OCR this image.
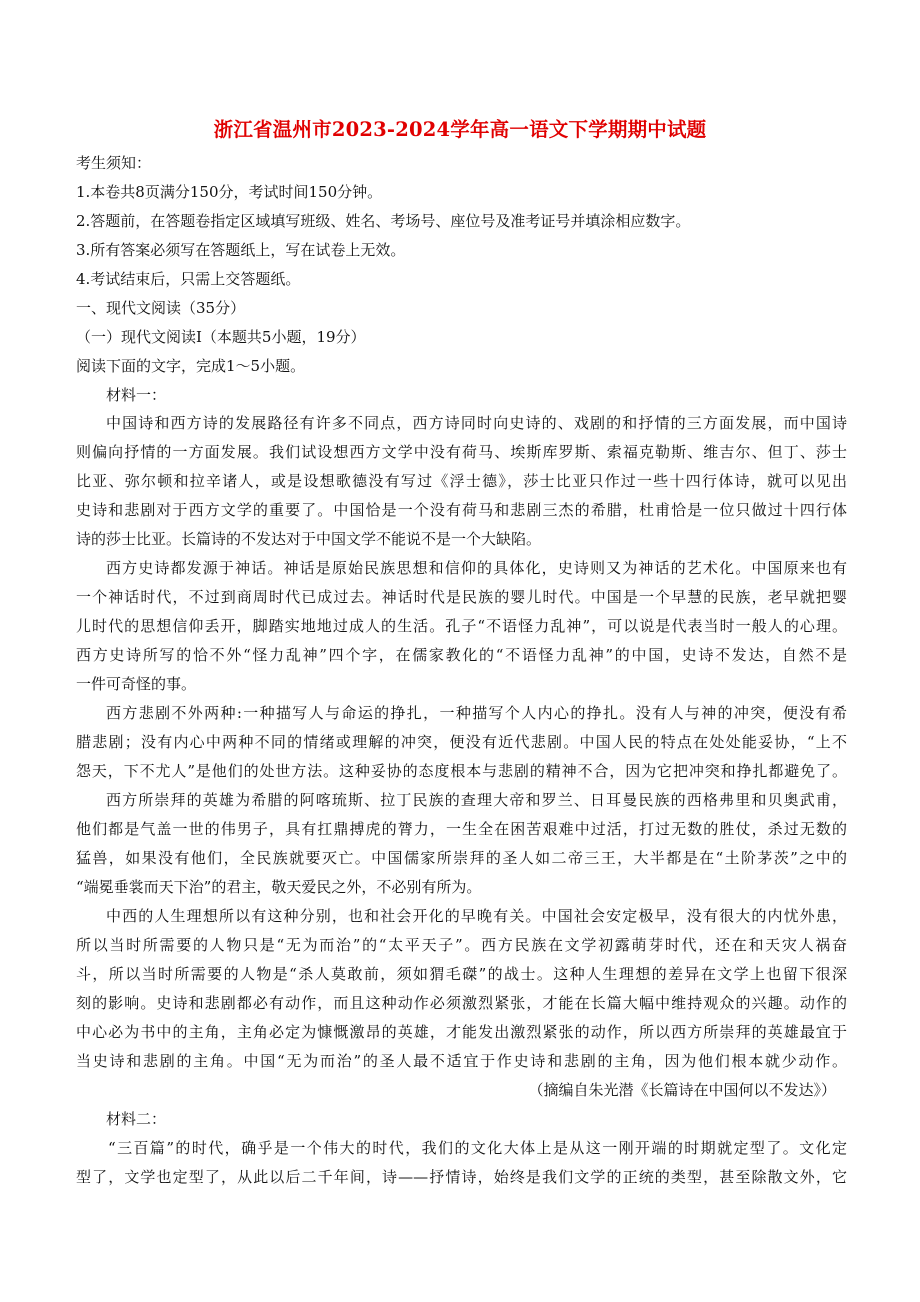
浙江省温州市2023-2024学年高一语文下学期期中试题
考生须知：
1.本卷共8页满分150分，考试时间150分钟。
2.答题前，在答题卷指定区域填写班级、姓名、考场号、座位号及准考证号并填涂相应数字。
3.所有答案必须写在答题纸上，写在试卷上无效。
4.考试结束后，只需上交答题纸。
一、现代文阅读（35分）
（一）现代文阅读Ⅰ（本题共5小题，19分）
阅读下面的文字，完成1～5小题。
材料一：
中国诗和西方诗的发展路径有许多不同点，西方诗同时向史诗的、戏剧的和抒情的三方面发展，而中国诗
则偏向抒情的一方面发展。我们试设想西方文学中没有荷马、埃斯库罗斯、索福克勒斯、维吉尔、但丁、莎士
比亚、弥尔顿和拉辛诸人，或是设想歌德没有写过《浮士德》，莎士比亚只作过一些十四行体诗，就可以见出
史诗和悲剧对于西方文学的重要了。中国恰是一个没有荷马和悲剧三杰的希腊，杜甫恰是一位只做过十四行体
诗的莎士比亚。长篇诗的不发达对于中国文学不能说不是一个大缺陷。
西方史诗都发源于神话。神话是原始民族思想和信仰的具体化，史诗则又为神话的艺术化。中国原来也有
一个神话时代，不过到商周时代已成过去。神话时代是民族的婴儿时代。中国是一个早慧的民族，老早就把婴
儿时代的思想信仰丢开，脚踏实地地过成人的生活。孔子“不语怪力乱神”，可以说是代表当时一般人的心理。
西方史诗所写的恰不外“怪力乱神”四个字，在儒家教化的“不语怪力乱神”的中国，史诗不发达，自然不是
一件可奇怪的事。
西方悲剧不外两种:一种描写人与命运的挣扎，一种描写个人内心的挣扎。没有人与神的冲突，便没有希
腊悲剧；没有内心中两种不同的情绪或理解的冲突，便没有近代悲剧。中国人民的特点在处处能妥协，“上不
怨天，下不尤人”是他们的处世方法。这种妥协的态度根本与悲剧的精神不合，因为它把冲突和挣扎都避免了。
西方所崇拜的英雄为希腊的阿喀琉斯、拉丁民族的查理大帝和罗兰、日耳曼民族的西格弗里和贝奥武甫，
他们都是气盖一世的伟男子，具有扛鼎搏虎的膂力，一生全在困苦艰难中过活，打过无数的胜仗，杀过无数的
猛兽，如果没有他们，全民族就要灭亡。中国儒家所崇拜的圣人如二帝三王，大半都是在“土阶茅茨”之中的
“端冕垂裳而天下治”的君主，敬天爱民之外，不必别有所为。
中西的人生理想所以有这种分别，也和社会开化的早晚有关。中国社会安定极早，没有很大的内忧外患，
所以当时所需要的人物只是“无为而治”的“太平天子”。西方民族在文学初露萌芽时代，还在和天灾人祸奋
斗，所以当时所需要的人物是“杀人莫敢前，须如猬毛磔”的战士。这种人生理想的差异在文学上也留下很深
刻的影响。史诗和悲剧都必有动作，而且这种动作必须激烈紧张，才能在长篇大幅中维持观众的兴趣。动作的
中心必为书中的主角，主角必定为慷慨激昂的英雄，才能发出激烈紧张的动作，所以西方所崇拜的英雄最宜于
当史诗和悲剧的主角。中国“无为而治”的圣人最不适宜于作史诗和悲剧的主角，因为他们根本就少动作。
（摘编自朱光潜《长篇诗在中国何以不发达》）
材料二：
“三百篇”的时代，确乎是一个伟大的时代，我们的文化大体上是从这一刚开端的时期就定型了。文化定
型了，文学也定型了，从此以后二千年间，诗——抒情诗，始终是我们文学的正统的类型，甚至除散文外，它
